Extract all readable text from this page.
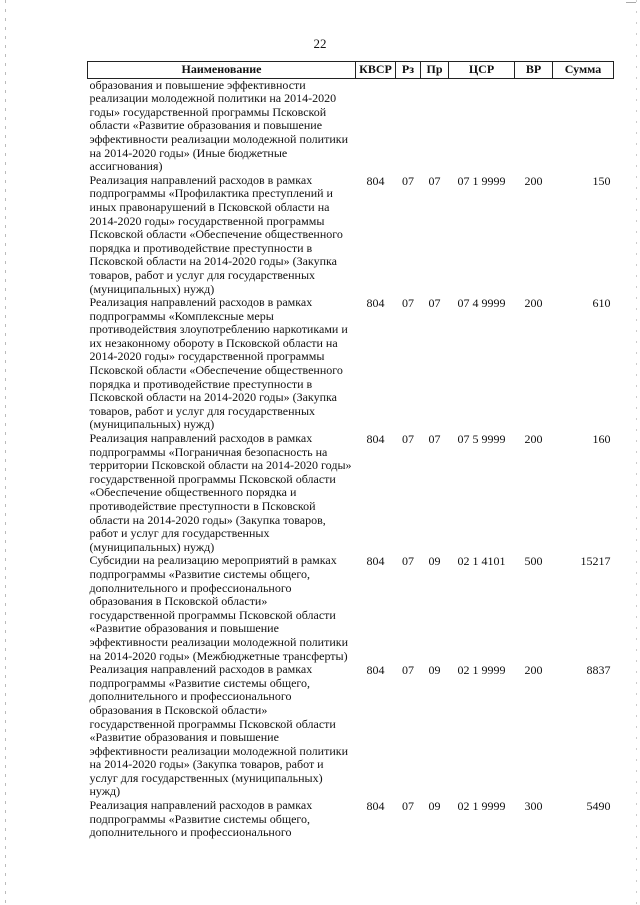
22
Наименование	КВСР	Рз	Пр	ЦСР	ВР	Сумма
образования и повышение эффективности реализации молодежной политики на 2014-2020 годы» государственной программы Псковской области «Развитие образования и повышение эффективности реализации молодежной политики на 2014-2020 годы» (Иные бюджетные ассигнования)						
Реализация направлений расходов в рамках подпрограммы «Профилактика преступлений и иных правонарушений в Псковской области на 2014-2020 годы» государственной программы Псковской области «Обеспечение общественного порядка и противодействие преступности в Псковской области на 2014-2020 годы» (Закупка товаров, работ и услуг для государственных (муниципальных) нужд)	804	07	07	07 1 9999	200	150
Реализация направлений расходов в рамках подпрограммы «Комплексные меры противодействия злоупотреблению наркотиками и их незаконному обороту в Псковской области на 2014-2020 годы» государственной программы Псковской области «Обеспечение общественного порядка и противодействие преступности в Псковской области на 2014-2020 годы» (Закупка товаров, работ и услуг для государственных (муниципальных) нужд)	804	07	07	07 4 9999	200	610
Реализация направлений расходов в рамках подпрограммы «Пограничная безопасность на территории Псковской области на 2014-2020 годы» государственной программы Псковской области «Обеспечение общественного порядка и противодействие преступности в Псковской области на 2014-2020 годы» (Закупка товаров, работ и услуг для государственных (муниципальных) нужд)	804	07	07	07 5 9999	200	160
Субсидии на реализацию мероприятий в рамках подпрограммы «Развитие системы общего, дополнительного и профессионального образования в Псковской области» государственной программы Псковской области «Развитие образования и повышение эффективности реализации молодежной политики на 2014-2020 годы» (Межбюджетные трансферты)	804	07	09	02 1 4101	500	15217
Реализация направлений расходов в рамках подпрограммы «Развитие системы общего, дополнительного и профессионального образования в Псковской области» государственной программы Псковской области «Развитие образования и повышение эффективности реализации молодежной политики на 2014-2020 годы» (Закупка товаров, работ и услуг для государственных (муниципальных) нужд)	804	07	09	02 1 9999	200	8837
Реализация направлений расходов в рамках подпрограммы «Развитие системы общего, дополнительного и профессионального	804	07	09	02 1 9999	300	5490
